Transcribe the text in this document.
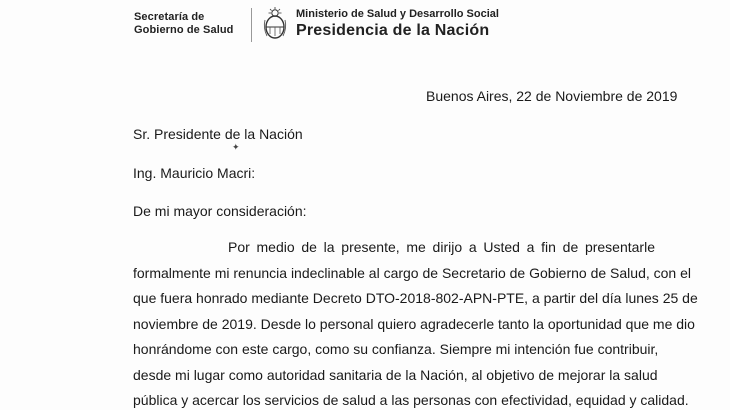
Secretaría de
Gobierno de Salud
Ministerio de Salud y Desarrollo Social
Presidencia de la Nación
Buenos Aires, 22 de Noviembre de 2019
Sr. Presidente de la Nación
✦
Ing. Mauricio Macri:
De mi mayor consideración:
Por medio de la presente, me dirijo a Usted a fin de presentarle
formalmente mi renuncia indeclinable al cargo de Secretario de Gobierno de Salud, con el
que fuera honrado mediante Decreto DTO-2018-802-APN-PTE, a partir del día lunes 25 de
noviembre de 2019. Desde lo personal quiero agradecerle tanto la oportunidad que me dio
honrándome con este cargo, como su confianza. Siempre mi intención fue contribuir,
desde mi lugar como autoridad sanitaria de la Nación, al objetivo de mejorar la salud
pública y acercar los servicios de salud a las personas con efectividad, equidad y calidad.
